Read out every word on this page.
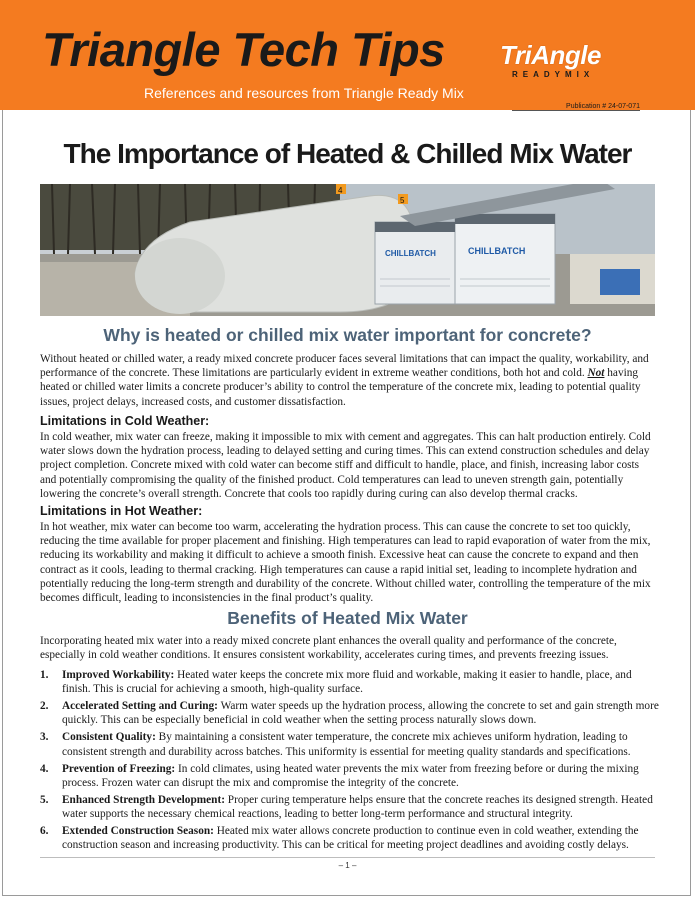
Triangle Tech Tips
References and resources from Triangle Ready Mix
TriAngle
READYMIX
Publication # 24-07-071
The Importance of Heated & Chilled Mix Water
CHILLBATCH	CHILLBATCH
4
5
Why is heated or chilled mix water important for concrete?

Without heated or chilled water, a ready mixed concrete producer faces several limitations that can impact the quality, workability, and performance of the concrete. These limitations are particularly evident in extreme weather conditions, both hot and cold. Not having heated or chilled water limits a concrete producer’s ability to control the temperature of the concrete mix, leading to potential quality issues, project delays, increased costs, and customer dissatisfaction.

Limitations in Cold Weather:

In cold weather, mix water can freeze, making it impossible to mix with cement and aggregates. This can halt production entirely. Cold water slows down the hydration process, leading to delayed setting and curing times. This can extend construction schedules and delay project completion. Concrete mixed with cold water can become stiff and difficult to handle, place, and finish, increasing labor costs and potentially compromising the quality of the finished product. Cold temperatures can lead to uneven strength gain, potentially lowering the concrete’s overall strength. Concrete that cools too rapidly during curing can also develop thermal cracks.

Limitations in Hot Weather:

In hot weather, mix water can become too warm, accelerating the hydration process. This can cause the concrete to set too quickly, reducing the time available for proper placement and finishing. High temperatures can lead to rapid evaporation of water from the mix, reducing its workability and making it difficult to achieve a smooth finish. Excessive heat can cause the concrete to expand and then contract as it cools, leading to thermal cracking. High temperatures can cause a rapid initial set, leading to incomplete hydration and potentially reducing the long-term strength and durability of the concrete. Without chilled water, controlling the temperature of the mix becomes difficult, leading to inconsistencies in the final product’s quality.

Benefits of Heated Mix Water

Incorporating heated mix water into a ready mixed concrete plant enhances the overall quality and performance of the concrete, especially in cold weather conditions. It ensures consistent workability, accelerates curing times, and prevents freezing issues.

1. Improved Workability: Heated water keeps the concrete mix more fluid and workable, making it easier to handle, place, and finish. This is crucial for achieving a smooth, high-quality surface.
2. Accelerated Setting and Curing: Warm water speeds up the hydration process, allowing the concrete to set and gain strength more quickly. This can be especially beneficial in cold weather when the setting process naturally slows down.
3. Consistent Quality: By maintaining a consistent water temperature, the concrete mix achieves uniform hydration, leading to consistent strength and durability across batches. This uniformity is essential for meeting quality standards and specifications.
4. Prevention of Freezing: In cold climates, using heated water prevents the mix water from freezing before or during the mixing process. Frozen water can disrupt the mix and compromise the integrity of the concrete.
5. Enhanced Strength Development: Proper curing temperature helps ensure that the concrete reaches its designed strength. Heated water supports the necessary chemical reactions, leading to better long-term performance and structural integrity.
6. Extended Construction Season: Heated mix water allows concrete production to continue even in cold weather, extending the construction season and increasing productivity. This can be critical for meeting project deadlines and avoiding costly delays.
– 1 –
